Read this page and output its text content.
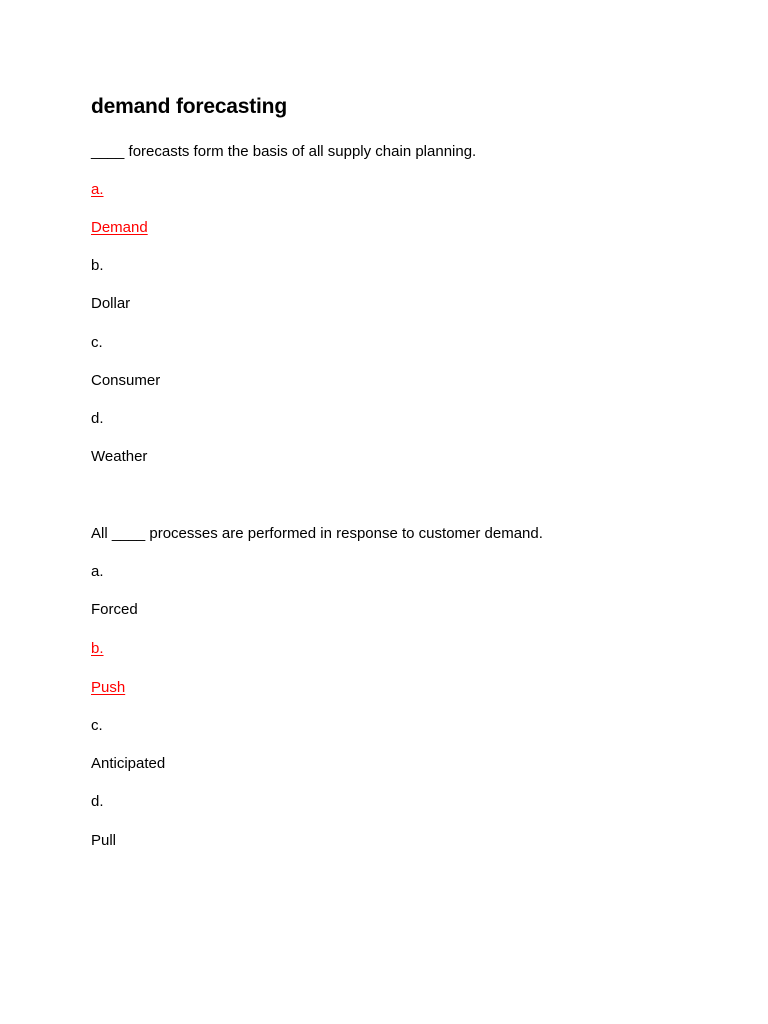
demand forecasting

____ forecasts form the basis of all supply chain planning.

a.

Demand

b.

Dollar

c.

Consumer

d.

Weather

All ____ processes are performed in response to customer demand.

a.

Forced

b.

Push

c.

Anticipated

d.

Pull
